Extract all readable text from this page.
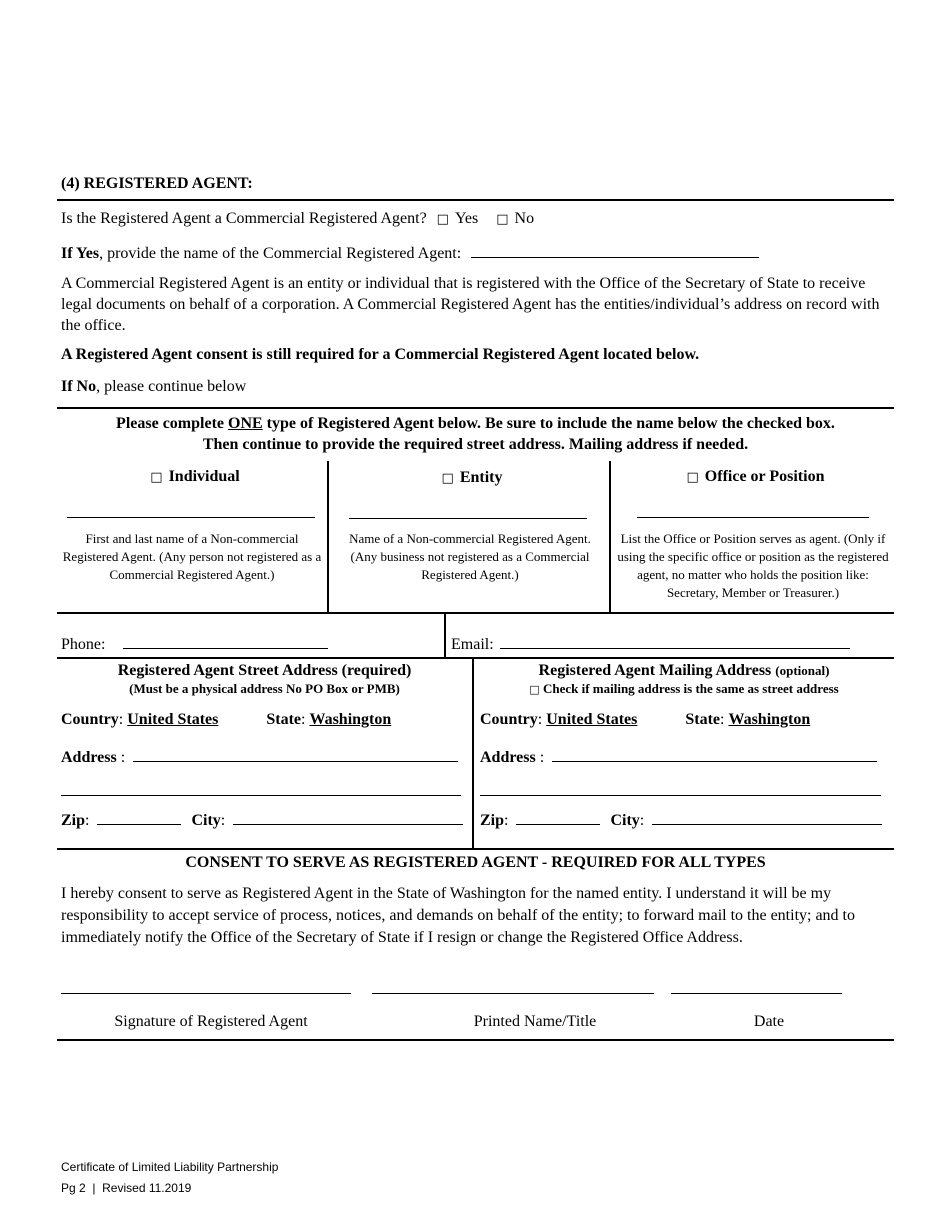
(4) REGISTERED AGENT:
Is the Registered Agent a Commercial Registered Agent? □ Yes □ No
If Yes, provide the name of the Commercial Registered Agent:
A Commercial Registered Agent is an entity or individual that is registered with the Office of the Secretary of State to receive legal documents on behalf of a corporation. A Commercial Registered Agent has the entities/individual’s address on record with the office.
A Registered Agent consent is still required for a Commercial Registered Agent located below.
If No, please continue below
Please complete ONE type of Registered Agent below. Be sure to include the name below the checked box.
Then continue to provide the required street address. Mailing address if needed.
□ Individual
First and last name of a Non-commercial Registered Agent. (Any person not registered as a Commercial Registered Agent.)
□ Entity
Name of a Non-commercial Registered Agent. (Any business not registered as a Commercial Registered Agent.)
□ Office or Position
List the Office or Position serves as agent. (Only if using the specific office or position as the registered agent, no matter who holds the position like: Secretary, Member or Treasurer.)
Phone:	Email:
Registered Agent Street Address (required)
(Must be a physical address No PO Box or PMB)
Country: United States	State: Washington
Address :
Zip:	City:
Registered Agent Mailing Address (optional)
□ Check if mailing address is the same as street address
Country: United States	State: Washington
Address :
Zip:	City:
CONSENT TO SERVE AS REGISTERED AGENT - REQUIRED FOR ALL TYPES
I hereby consent to serve as Registered Agent in the State of Washington for the named entity. I understand it will be my responsibility to accept service of process, notices, and demands on behalf of the entity; to forward mail to the entity; and to immediately notify the Office of the Secretary of State if I resign or change the Registered Office Address.
Signature of Registered Agent	Printed Name/Title	Date
Certificate of Limited Liability Partnership
Pg 2  |  Revised 11.2019
